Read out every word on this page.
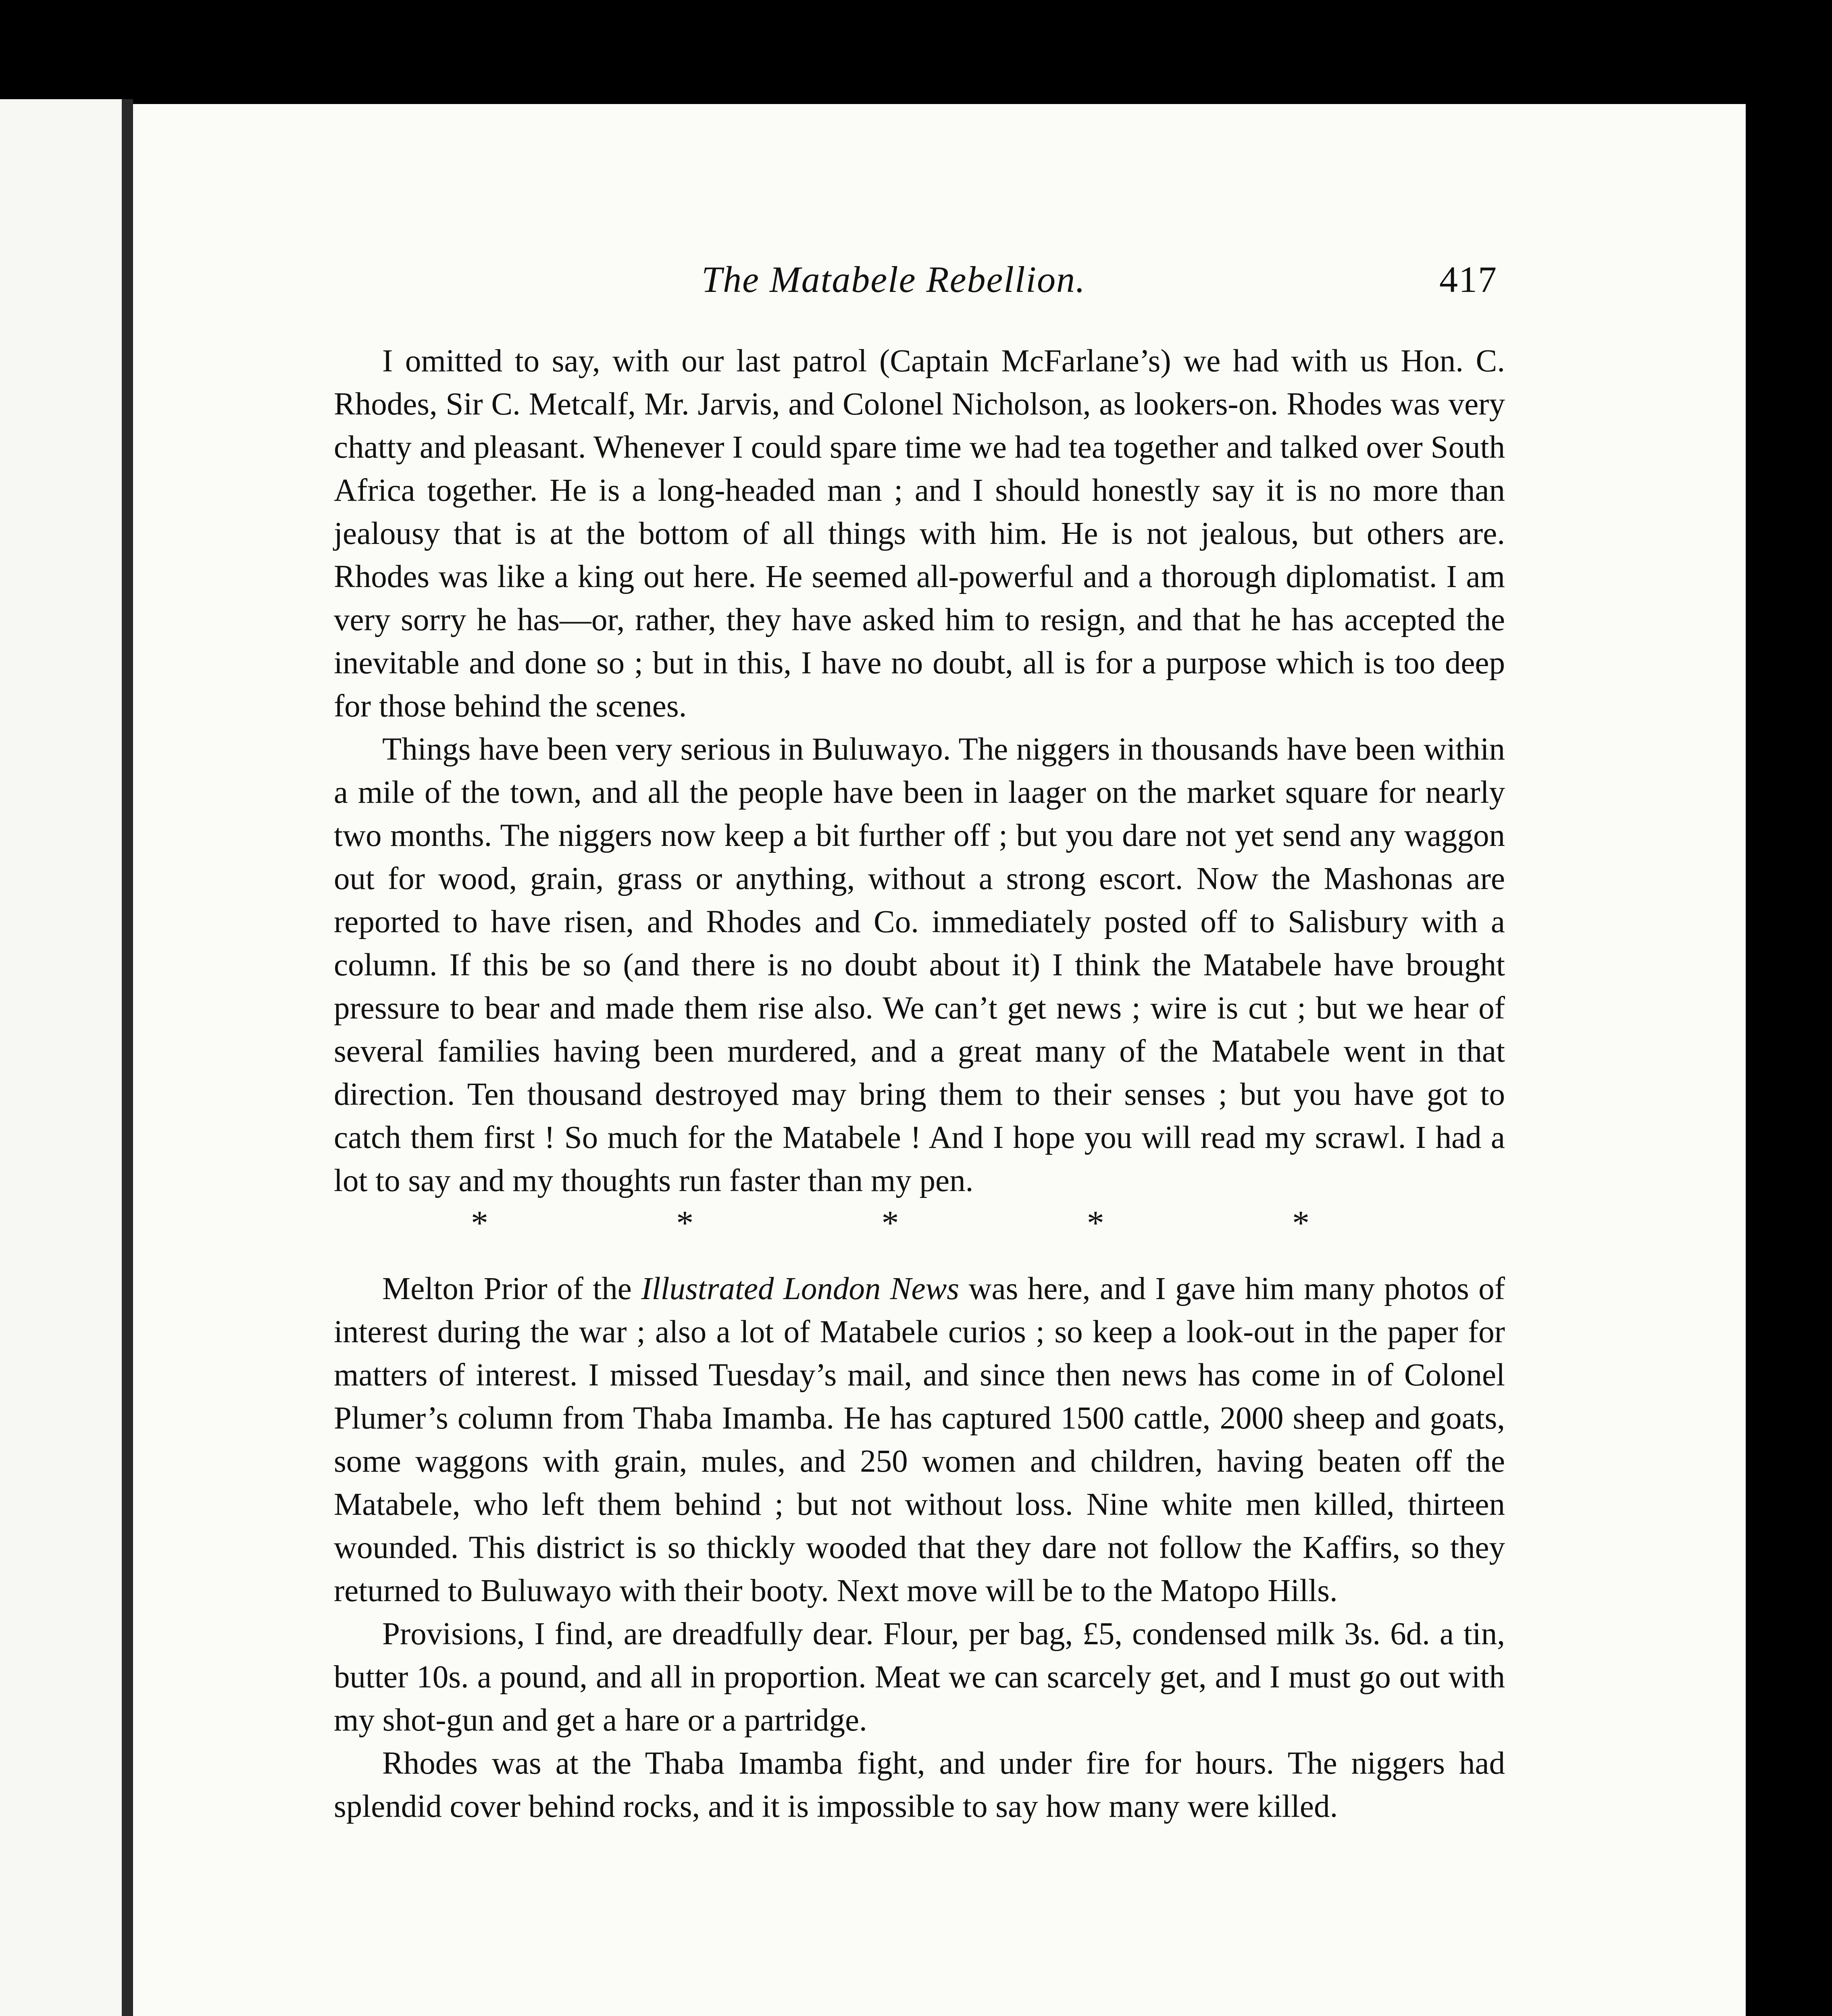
The Matabele Rebellion.	417

I omitted to say, with our last patrol (Captain McFarlane’s) we had with us Hon. C. Rhodes, Sir C. Metcalf, Mr. Jarvis, and Colonel Nicholson, as lookers-on. Rhodes was very chatty and pleasant. Whenever I could spare time we had tea together and talked over South Africa together. He is a long-headed man ; and I should honestly say it is no more than jealousy that is at the bottom of all things with him. He is not jealous, but others are. Rhodes was like a king out here. He seemed all-powerful and a thorough diplomatist. I am very sorry he has—or, rather, they have asked him to resign, and that he has accepted the inevitable and done so ; but in this, I have no doubt, all is for a purpose which is too deep for those behind the scenes.

Things have been very serious in Buluwayo. The niggers in thousands have been within a mile of the town, and all the people have been in laager on the market square for nearly two months. The niggers now keep a bit further off ; but you dare not yet send any waggon out for wood, grain, grass or anything, without a strong escort. Now the Mashonas are reported to have risen, and Rhodes and Co. immediately posted off to Salisbury with a column. If this be so (and there is no doubt about it) I think the Matabele have brought pressure to bear and made them rise also. We can’t get news ; wire is cut ; but we hear of several families having been murdered, and a great many of the Matabele went in that direction. Ten thousand destroyed may bring them to their senses ; but you have got to catch them first ! So much for the Matabele ! And I hope you will read my scrawl. I had a lot to say and my thoughts run faster than my pen.

*	*	*	*	*

Melton Prior of the Illustrated London News was here, and I gave him many photos of interest during the war ; also a lot of Matabele curios ; so keep a look-out in the paper for matters of interest. I missed Tuesday’s mail, and since then news has come in of Colonel Plumer’s column from Thaba Imamba. He has captured 1500 cattle, 2000 sheep and goats, some waggons with grain, mules, and 250 women and children, having beaten off the Matabele, who left them behind ; but not without loss. Nine white men killed, thirteen wounded. This district is so thickly wooded that they dare not follow the Kaffirs, so they returned to Buluwayo with their booty. Next move will be to the Matopo Hills.

Provisions, I find, are dreadfully dear. Flour, per bag, £5, condensed milk 3s. 6d. a tin, butter 10s. a pound, and all in proportion. Meat we can scarcely get, and I must go out with my shot-gun and get a hare or a partridge.

Rhodes was at the Thaba Imamba fight, and under fire for hours. The niggers had splendid cover behind rocks, and it is impossible to say how many were killed.
